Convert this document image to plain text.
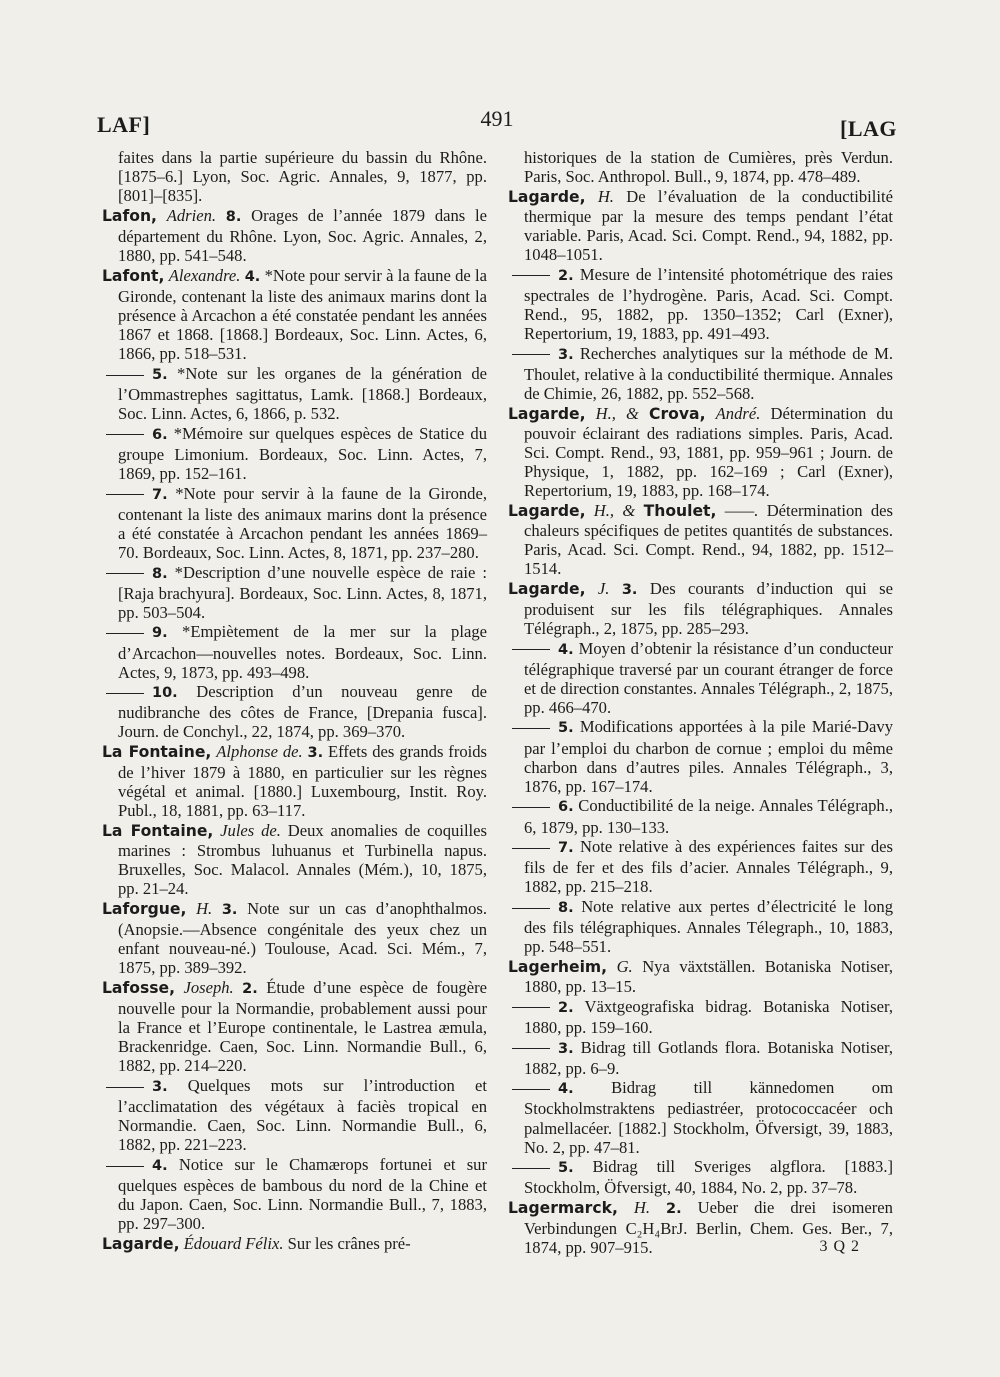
LAF]	491	[LAG
faites dans la partie supérieure du bassin du Rhône. [1875–6.] Lyon, Soc. Agric. Annales, 9, 1877, pp. [801]–[835].
Lafon, Adrien. 8. Orages de l’année 1879 dans le département du Rhône. Lyon, Soc. Agric. Annales, 2, 1880, pp. 541–548.
Lafont, Alexandre. 4. *Note pour servir à la faune de la Gironde, contenant la liste des animaux marins dont la présence à Arcachon a été constatée pendant les années 1867 et 1868. [1868.] Bordeaux, Soc. Linn. Actes, 6, 1866, pp. 518–531.
5. *Note sur les organes de la génération de l’Ommastrephes sagittatus, Lamk. [1868.] Bordeaux, Soc. Linn. Actes, 6, 1866, p. 532.
6. *Mémoire sur quelques espèces de Statice du groupe Limonium. Bordeaux, Soc. Linn. Actes, 7, 1869, pp. 152–161.
7. *Note pour servir à la faune de la Gironde, contenant la liste des animaux marins dont la présence a été constatée à Arcachon pendant les années 1869–70. Bordeaux, Soc. Linn. Actes, 8, 1871, pp. 237–280.
8. *Description d’une nouvelle espèce de raie : [Raja brachyura]. Bordeaux, Soc. Linn. Actes, 8, 1871, pp. 503–504.
9. *Empiètement de la mer sur la plage d’Arcachon—nouvelles notes. Bordeaux, Soc. Linn. Actes, 9, 1873, pp. 493–498.
10. Description d’un nouveau genre de nudibranche des côtes de France, [Drepania fusca]. Journ. de Conchyl., 22, 1874, pp. 369–370.
La Fontaine, Alphonse de. 3. Effets des grands froids de l’hiver 1879 à 1880, en particulier sur les règnes végétal et animal. [1880.] Luxembourg, Instit. Roy. Publ., 18, 1881, pp. 63–117.
La Fontaine, Jules de. Deux anomalies de coquilles marines : Strombus luhuanus et Turbinella napus. Bruxelles, Soc. Malacol. Annales (Mém.), 10, 1875, pp. 21–24.
Laforgue, H. 3. Note sur un cas d’anophthalmos. (Anopsie.—Absence congénitale des yeux chez un enfant nouveau-né.) Toulouse, Acad. Sci. Mém., 7, 1875, pp. 389–392.
Lafosse, Joseph. 2. Étude d’une espèce de fougère nouvelle pour la Normandie, probablement aussi pour la France et l’Europe continentale, le Lastrea æmula, Brackenridge. Caen, Soc. Linn. Normandie Bull., 6, 1882, pp. 214–220.
3. Quelques mots sur l’introduction et l’acclimatation des végétaux à faciès tropical en Normandie. Caen, Soc. Linn. Normandie Bull., 6, 1882, pp. 221–223.
4. Notice sur le Chamærops fortunei et sur quelques espèces de bambous du nord de la Chine et du Japon. Caen, Soc. Linn. Normandie Bull., 7, 1883, pp. 297–300.
Lagarde, Édouard Félix. Sur les crânes pré-
historiques de la station de Cumières, près Verdun. Paris, Soc. Anthropol. Bull., 9, 1874, pp. 478–489.
Lagarde, H. De l’évaluation de la conductibilité thermique par la mesure des temps pendant l’état variable. Paris, Acad. Sci. Compt. Rend., 94, 1882, pp. 1048–1051.
2. Mesure de l’intensité photométrique des raies spectrales de l’hydrogène. Paris, Acad. Sci. Compt. Rend., 95, 1882, pp. 1350–1352; Carl (Exner), Repertorium, 19, 1883, pp. 491–493.
3. Recherches analytiques sur la méthode de M. Thoulet, relative à la conductibilité thermique. Annales de Chimie, 26, 1882, pp. 552–568.
Lagarde, H., & Crova, André. Détermination du pouvoir éclairant des radiations simples. Paris, Acad. Sci. Compt. Rend., 93, 1881, pp. 959–961 ; Journ. de Physique, 1, 1882, pp. 162–169 ; Carl (Exner), Repertorium, 19, 1883, pp. 168–174.
Lagarde, H., & Thoulet, ——. Détermination des chaleurs spécifiques de petites quantités de substances. Paris, Acad. Sci. Compt. Rend., 94, 1882, pp. 1512–1514.
Lagarde, J. 3. Des courants d’induction qui se produisent sur les fils télégraphiques. Annales Télégraph., 2, 1875, pp. 285–293.
4. Moyen d’obtenir la résistance d’un conducteur télégraphique traversé par un courant étranger de force et de direction constantes. Annales Télégraph., 2, 1875, pp. 466–470.
5. Modifications apportées à la pile Marié-Davy par l’emploi du charbon de cornue ; emploi du même charbon dans d’autres piles. Annales Télégraph., 3, 1876, pp. 167–174.
6. Conductibilité de la neige. Annales Télégraph., 6, 1879, pp. 130–133.
7. Note relative à des expériences faites sur des fils de fer et des fils d’acier. Annales Télégraph., 9, 1882, pp. 215–218.
8. Note relative aux pertes d’électricité le long des fils télégraphiques. Annales Télegraph., 10, 1883, pp. 548–551.
Lagerheim, G. Nya växtställen. Botaniska Notiser, 1880, pp. 13–15.
2. Växtgeografiska bidrag. Botaniska Notiser, 1880, pp. 159–160.
3. Bidrag till Gotlands flora. Botaniska Notiser, 1882, pp. 6–9.
4. Bidrag till kännedomen om Stockholmstraktens pediastréer, protococcacéer och palmellacéer. [1882.] Stockholm, Öfversigt, 39, 1883, No. 2, pp. 47–81.
5. Bidrag till Sveriges algflora. [1883.] Stockholm, Öfversigt, 40, 1884, No. 2, pp. 37–78.
Lagermarck, H. 2. Ueber die drei isomeren Verbindungen C₂H₄BrJ. Berlin, Chem. Ges. Ber., 7, 1874, pp. 907–915.	3 Q 2
